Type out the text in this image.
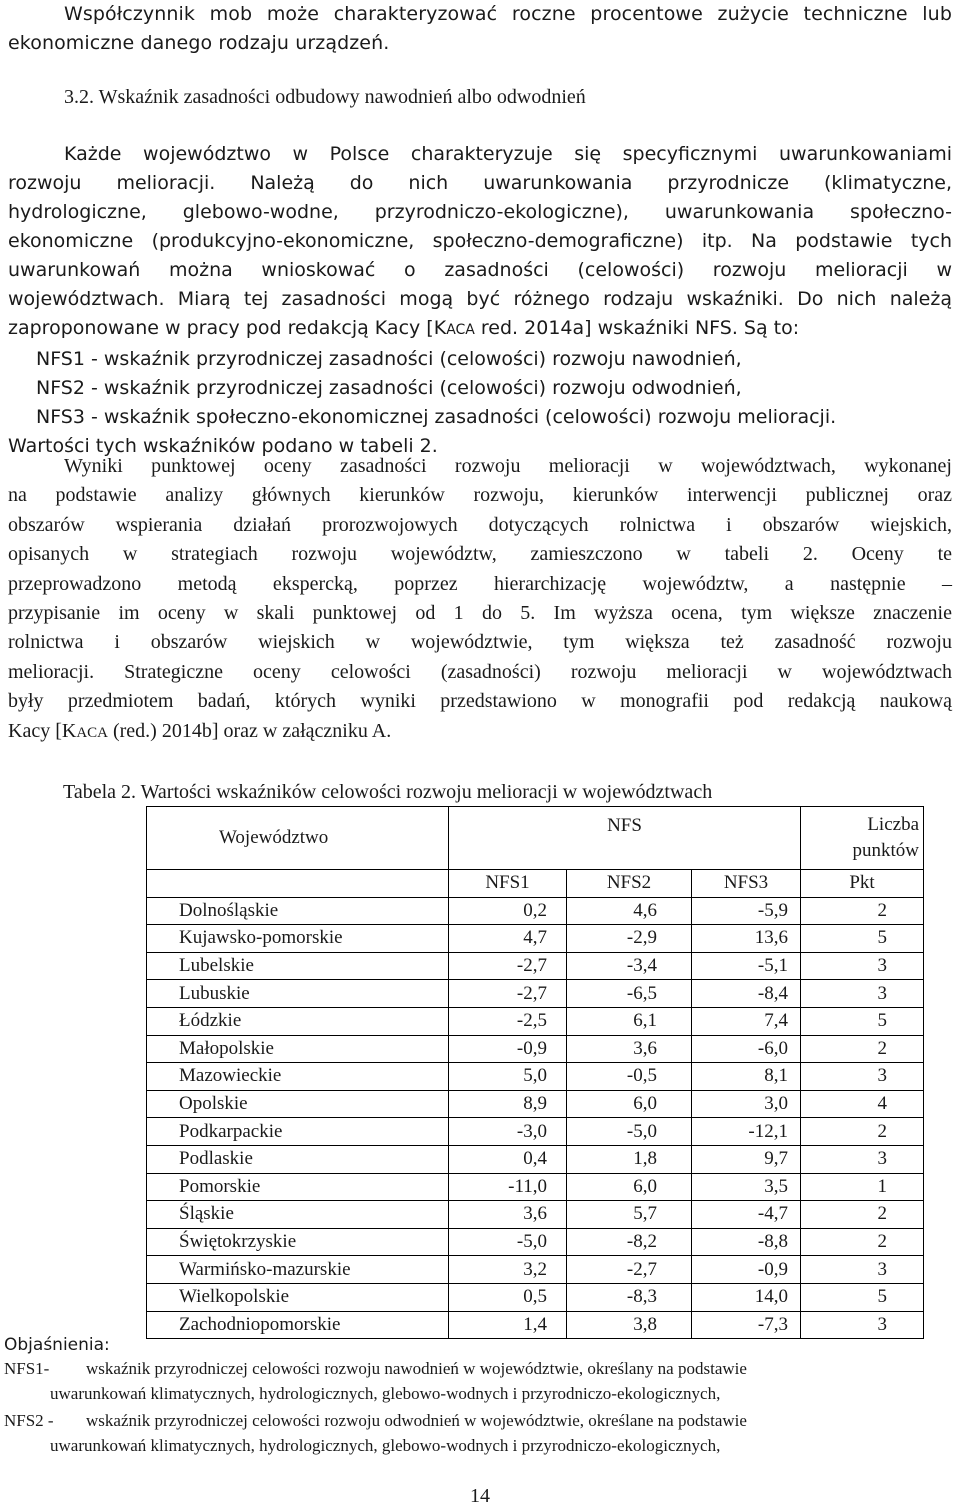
Współczynnik mob może charakteryzować roczne procentowe zużycie techniczne lub

ekonomiczne danego rodzaju urządzeń.

3.2. Wskaźnik zasadności odbudowy nawodnień albo odwodnień

Każde województwo w Polsce charakteryzuje się specyficznymi uwarunkowaniami

rozwoju melioracji. Należą do nich uwarunkowania przyrodnicze (klimatyczne,

hydrologiczne, glebowo-wodne, przyrodniczo-ekologiczne), uwarunkowania społeczno-

ekonomiczne (produkcyjno-ekonomiczne, społeczno-demograficzne) itp. Na podstawie tych

uwarunkowań można wnioskować o zasadności (celowości) rozwoju melioracji w

województwach. Miarą tej zasadności mogą być różnego rodzaju wskaźniki. Do nich należą

zaproponowane w pracy pod redakcją Kacy [KACA red. 2014a] wskaźniki NFS. Są to:

NFS1 - wskaźnik przyrodniczej zasadności (celowości) rozwoju nawodnień,

NFS2 - wskaźnik przyrodniczej zasadności (celowości) rozwoju odwodnień,

NFS3 - wskaźnik społeczno-ekonomicznej zasadności (celowości) rozwoju melioracji.

Wartości tych wskaźników podano w tabeli 2.

Wyniki punktowej oceny zasadności rozwoju melioracji w województwach, wykonanej

na podstawie analizy głównych kierunków rozwoju, kierunków interwencji publicznej oraz

obszarów wspierania działań prorozwojowych dotyczących rolnictwa i obszarów wiejskich,

opisanych w strategiach rozwoju województw, zamieszczono w tabeli 2. Oceny te

przeprowadzono metodą ekspercką, poprzez hierarchizację województw, a następnie –

przypisanie im oceny w skali punktowej od 1 do 5. Im wyższa ocena, tym większe znaczenie

rolnictwa i obszarów wiejskich w województwie, tym większa też zasadność rozwoju

melioracji. Strategiczne oceny celowości (zasadności) rozwoju melioracji w województwach

były przedmiotem badań, których wyniki przedstawiono w monografii pod redakcją naukową

Kacy [KACA (red.) 2014b] oraz w załączniku A.

Tabela 2. Wartości wskaźników celowości rozwoju melioracji w województwach
Województwo	NFS			Liczba
punktów

	NFS1	NFS2	NFS3	Pkt
Dolnośląskie	0,2	4,6	-5,9	2
Kujawsko-pomorskie	4,7	-2,9	13,6	5
Lubelskie	-2,7	-3,4	-5,1	3
Lubuskie	-2,7	-6,5	-8,4	3
Łódzkie	-2,5	6,1	7,4	5
Małopolskie	-0,9	3,6	-6,0	2
Mazowieckie	5,0	-0,5	8,1	3
Opolskie	8,9	6,0	3,0	4
Podkarpackie	-3,0	-5,0	-12,1	2
Podlaskie	0,4	1,8	9,7	3
Pomorskie	-11,0	6,0	3,5	1
Śląskie	3,6	5,7	-4,7	2
Świętokrzyskie	-5,0	-8,2	-8,8	2
Warmińsko-mazurskie	3,2	-2,7	-0,9	3
Wielkopolskie	0,5	-8,3	14,0	5
Zachodniopomorskie	1,4	3,8	-7,3	3
Objaśnienia:
NFS1- wskaźnik przyrodniczej celowości rozwoju nawodnień w województwie, określany na podstawie
uwarunkowań klimatycznych, hydrologicznych, glebowo-wodnych i przyrodniczo-ekologicznych,
NFS2 - wskaźnik przyrodniczej celowości rozwoju odwodnień w województwie, określane na podstawie
uwarunkowań klimatycznych, hydrologicznych, glebowo-wodnych i przyrodniczo-ekologicznych,
14
